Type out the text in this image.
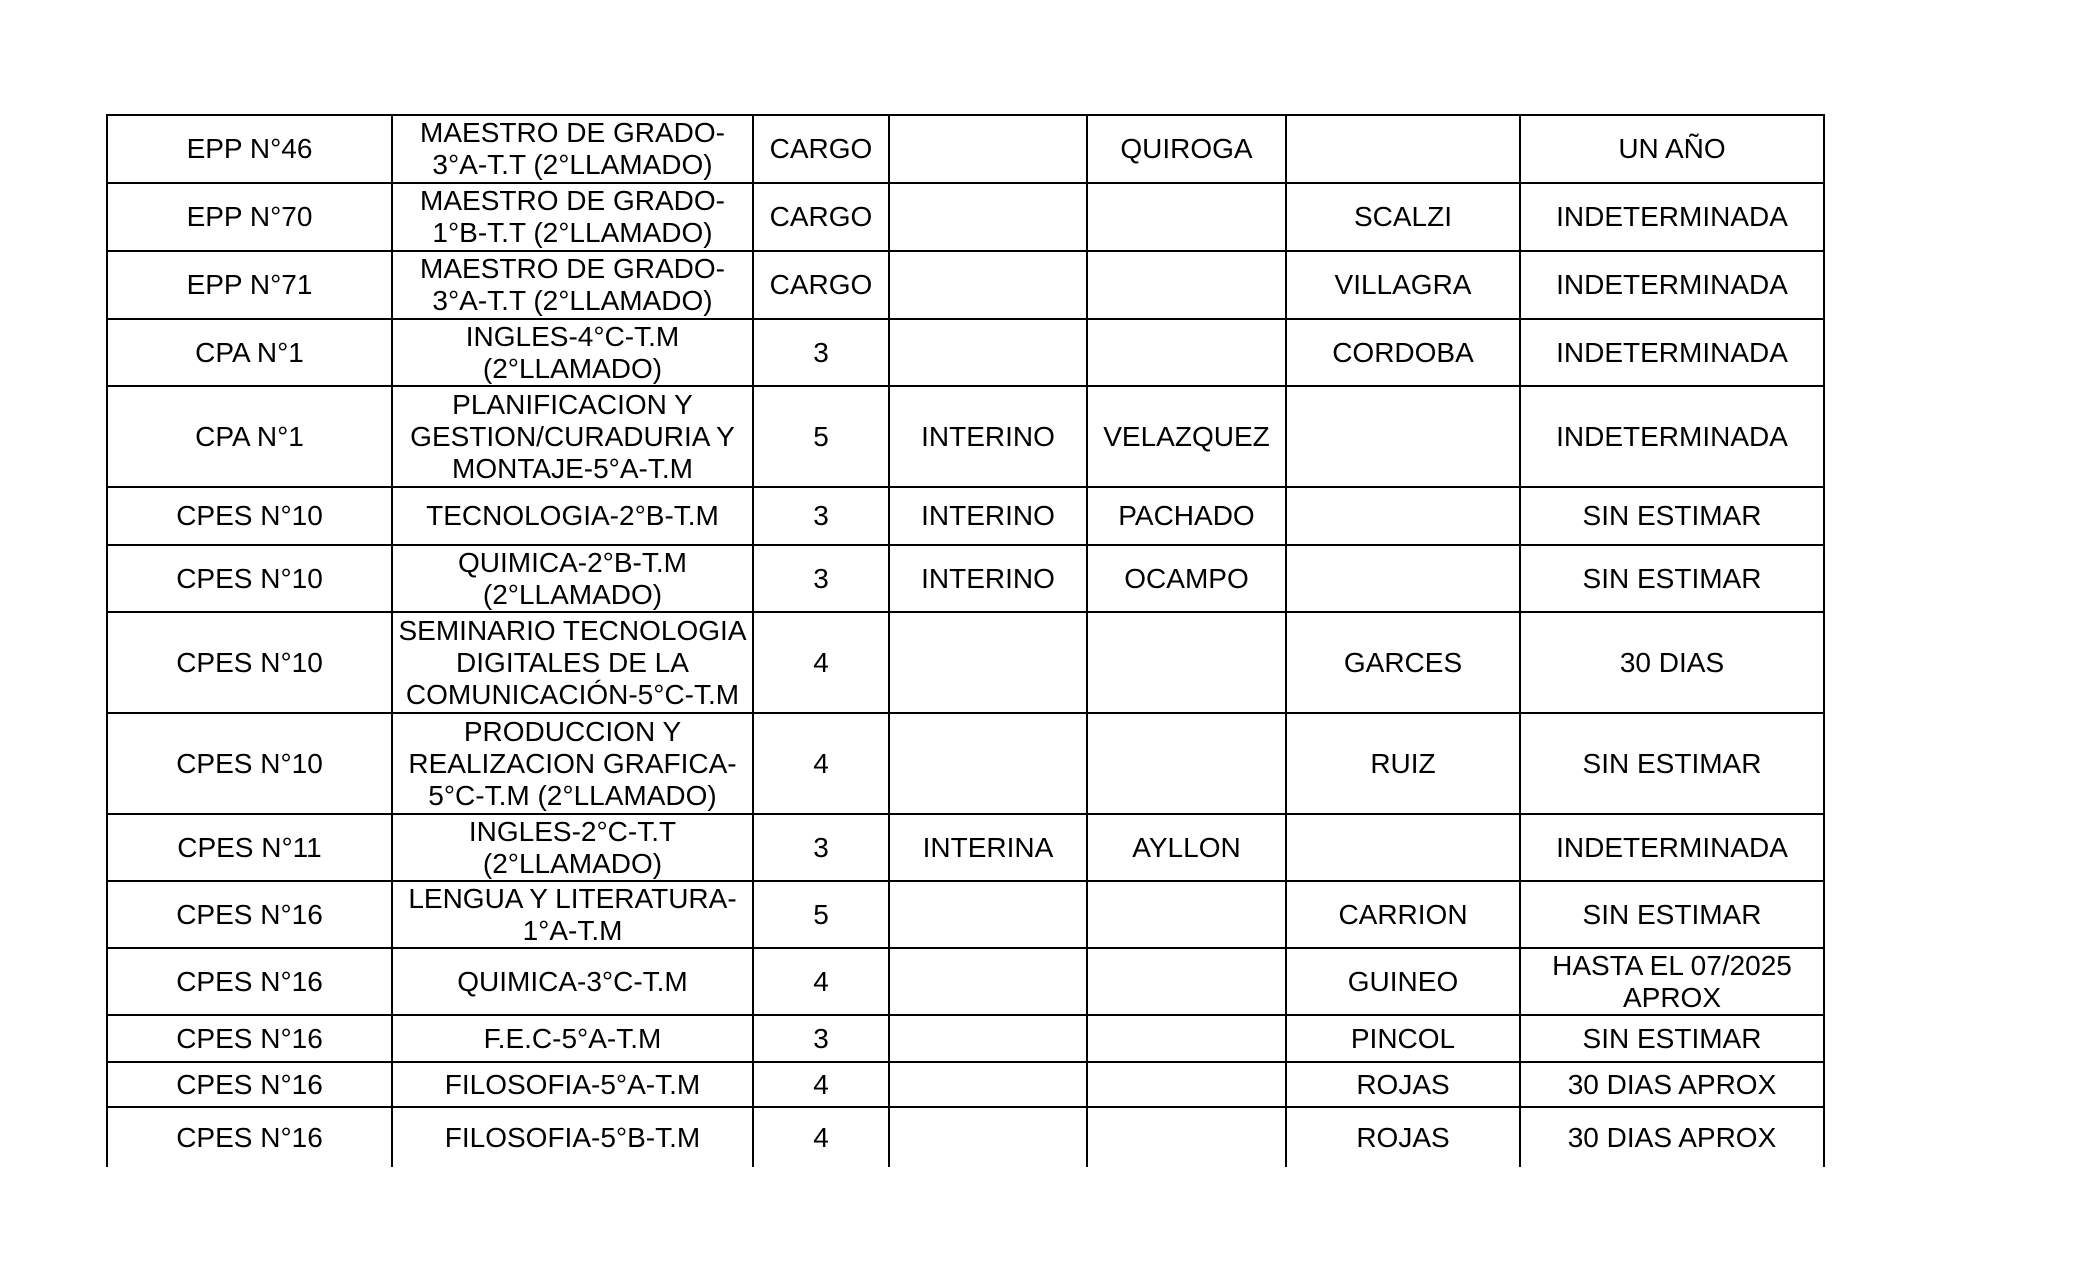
EPP N°46	MAESTRO DE GRADO-3°A-T.T (2°LLAMADO)	CARGO		QUIROGA		UN AÑO
EPP N°70	MAESTRO DE GRADO-1°B-T.T (2°LLAMADO)	CARGO			SCALZI	INDETERMINADA
EPP N°71	MAESTRO DE GRADO-3°A-T.T (2°LLAMADO)	CARGO			VILLAGRA	INDETERMINADA
CPA N°1	INGLES-4°C-T.M (2°LLAMADO)	3			CORDOBA	INDETERMINADA
CPA N°1	PLANIFICACION Y GESTION/CURADURIA Y MONTAJE-5°A-T.M	5	INTERINO	VELAZQUEZ		INDETERMINADA
CPES N°10	TECNOLOGIA-2°B-T.M	3	INTERINO	PACHADO		SIN ESTIMAR
CPES N°10	QUIMICA-2°B-T.M (2°LLAMADO)	3	INTERINO	OCAMPO		SIN ESTIMAR
CPES N°10	SEMINARIO TECNOLOGIA DIGITALES DE LA COMUNICACIÓN-5°C-T.M	4			GARCES	30 DIAS
CPES N°10	PRODUCCION Y REALIZACION GRAFICA-5°C-T.M (2°LLAMADO)	4			RUIZ	SIN ESTIMAR
CPES N°11	INGLES-2°C-T.T (2°LLAMADO)	3	INTERINA	AYLLON		INDETERMINADA
CPES N°16	LENGUA Y LITERATURA-1°A-T.M	5			CARRION	SIN ESTIMAR
CPES N°16	QUIMICA-3°C-T.M	4			GUINEO	HASTA EL 07/2025 APROX
CPES N°16	F.E.C-5°A-T.M	3			PINCOL	SIN ESTIMAR
CPES N°16	FILOSOFIA-5°A-T.M	4			ROJAS	30 DIAS APROX
CPES N°16	FILOSOFIA-5°B-T.M	4			ROJAS	30 DIAS APROX
